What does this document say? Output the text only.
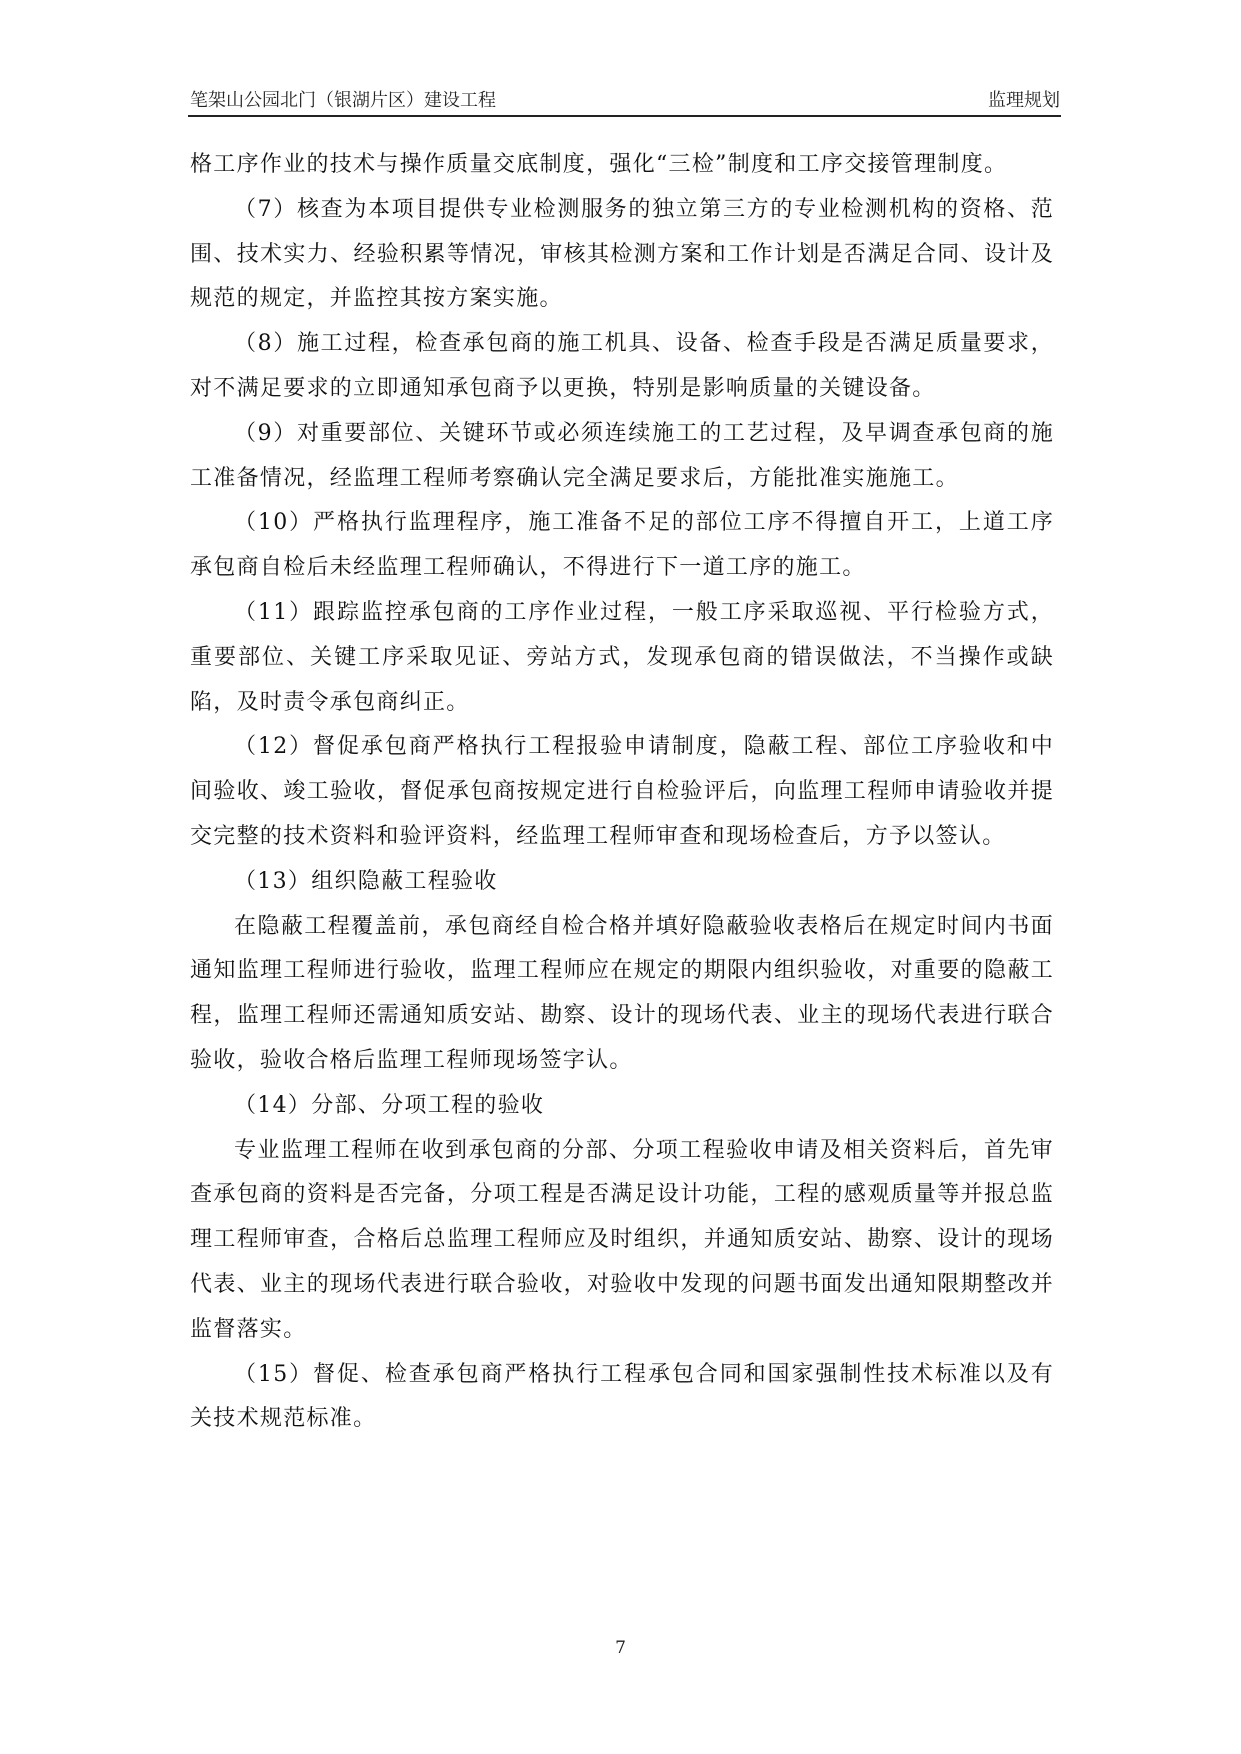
笔架山公园北门（银湖片区）建设工程	监理规划

格工序作业的技术与操作质量交底制度，强化“三检”制度和工序交接管理制度。

（7）核查为本项目提供专业检测服务的独立第三方的专业检测机构的资格、范围、技术实力、经验积累等情况，审核其检测方案和工作计划是否满足合同、设计及规范的规定，并监控其按方案实施。

（8）施工过程，检查承包商的施工机具、设备、检查手段是否满足质量要求，对不满足要求的立即通知承包商予以更换，特别是影响质量的关键设备。

（9）对重要部位、关键环节或必须连续施工的工艺过程，及早调查承包商的施工准备情况，经监理工程师考察确认完全满足要求后，方能批准实施施工。

（10）严格执行监理程序，施工准备不足的部位工序不得擅自开工，上道工序承包商自检后未经监理工程师确认，不得进行下一道工序的施工。

（11）跟踪监控承包商的工序作业过程，一般工序采取巡视、平行检验方式，重要部位、关键工序采取见证、旁站方式，发现承包商的错误做法，不当操作或缺陷，及时责令承包商纠正。

（12）督促承包商严格执行工程报验申请制度，隐蔽工程、部位工序验收和中间验收、竣工验收，督促承包商按规定进行自检验评后，向监理工程师申请验收并提交完整的技术资料和验评资料，经监理工程师审查和现场检查后，方予以签认。

（13）组织隐蔽工程验收

在隐蔽工程覆盖前，承包商经自检合格并填好隐蔽验收表格后在规定时间内书面通知监理工程师进行验收，监理工程师应在规定的期限内组织验收，对重要的隐蔽工程，监理工程师还需通知质安站、勘察、设计的现场代表、业主的现场代表进行联合验收，验收合格后监理工程师现场签字认。

（14）分部、分项工程的验收

专业监理工程师在收到承包商的分部、分项工程验收申请及相关资料后，首先审查承包商的资料是否完备，分项工程是否满足设计功能，工程的感观质量等并报总监理工程师审查，合格后总监理工程师应及时组织，并通知质安站、勘察、设计的现场代表、业主的现场代表进行联合验收，对验收中发现的问题书面发出通知限期整改并监督落实。

（15）督促、检查承包商严格执行工程承包合同和国家强制性技术标准以及有关技术规范标准。

7
